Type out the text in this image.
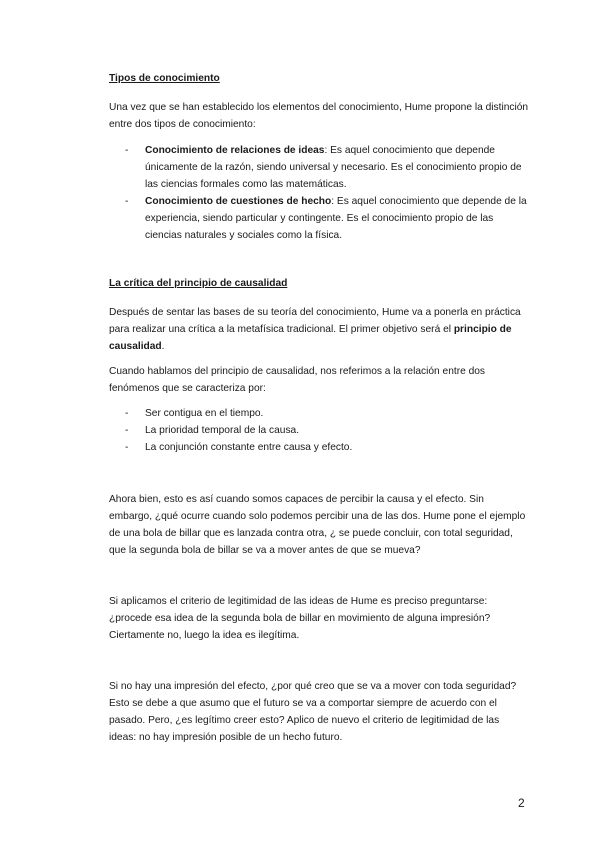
Tipos de conocimiento
Una vez que se han establecido los elementos del conocimiento, Hume propone la distinción entre dos tipos de conocimiento:
- Conocimiento de relaciones de ideas: Es aquel conocimiento que depende únicamente de la razón, siendo universal y necesario. Es el conocimiento propio de las ciencias formales como las matemáticas.
- Conocimiento de cuestiones de hecho: Es aquel conocimiento que depende de la experiencia, siendo particular y contingente. Es el conocimiento propio de las ciencias naturales y sociales como la física.
La crítica del principio de causalidad
Después de sentar las bases de su teoría del conocimiento, Hume va a ponerla en práctica para realizar una crítica a la metafísica tradicional. El primer objetivo será el principio de causalidad.
Cuando hablamos del principio de causalidad, nos referimos a la relación entre dos fenómenos que se caracteriza por:
- Ser contigua en el tiempo.
- La prioridad temporal de la causa.
- La conjunción constante entre causa y efecto.
Ahora bien, esto es así cuando somos capaces de percibir la causa y el efecto. Sin embargo, ¿qué ocurre cuando solo podemos percibir una de las dos. Hume pone el ejemplo de una bola de billar que es lanzada contra otra, ¿ se puede concluir, con total seguridad, que la segunda bola de billar se va a mover antes de que se mueva?
Si aplicamos el criterio de legitimidad de las ideas de Hume es preciso preguntarse: ¿procede esa idea de la segunda bola de billar en movimiento de alguna impresión? Ciertamente no, luego la idea es ilegítima.
Si no hay una impresión del efecto, ¿por qué creo que se va a mover con toda seguridad? Esto se debe a que asumo que el futuro se va a comportar siempre de acuerdo con el pasado. Pero, ¿es legítimo creer esto? Aplico de nuevo el criterio de legitimidad de las ideas: no hay impresión posible de un hecho futuro.
2
